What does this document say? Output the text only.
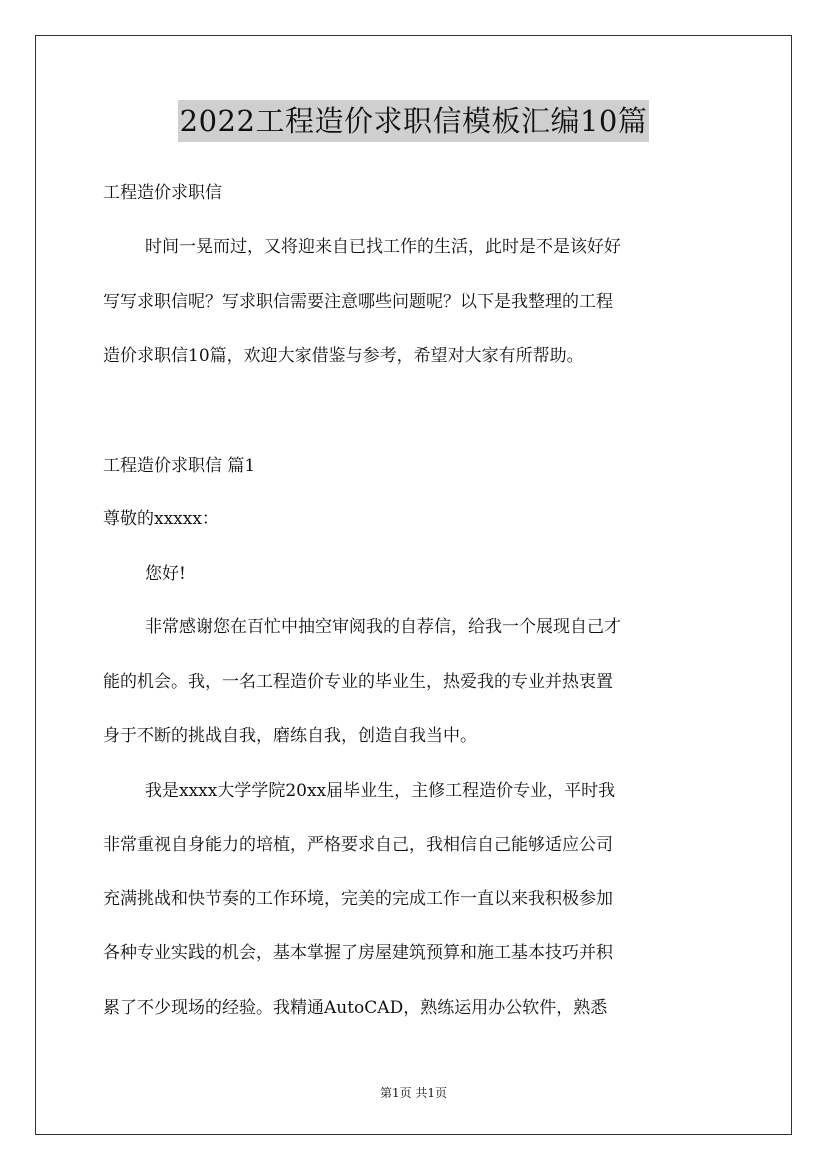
2022工程造价求职信模板汇编10篇
工程造价求职信
时间一晃而过，又将迎来自已找工作的生活，此时是不是该好好
写写求职信呢？写求职信需要注意哪些问题呢？以下是我整理的工程
造价求职信10篇，欢迎大家借鉴与参考，希望对大家有所帮助。
工程造价求职信 篇1
尊敬的xxxxx：
您好!
非常感谢您在百忙中抽空审阅我的自荐信，给我一个展现自己才
能的机会。我，一名工程造价专业的毕业生，热爱我的专业并热衷置
身于不断的挑战自我，磨练自我，创造自我当中。
我是xxxx大学学院20xx届毕业生，主修工程造价专业，平时我
非常重视自身能力的培植，严格要求自己，我相信自己能够适应公司
充满挑战和快节奏的工作环境，完美的完成工作一直以来我积极参加
各种专业实践的机会，基本掌握了房屋建筑预算和施工基本技巧并积
累了不少现场的经验。我精通AutoCAD，熟练运用办公软件，熟悉
第1页 共1页
